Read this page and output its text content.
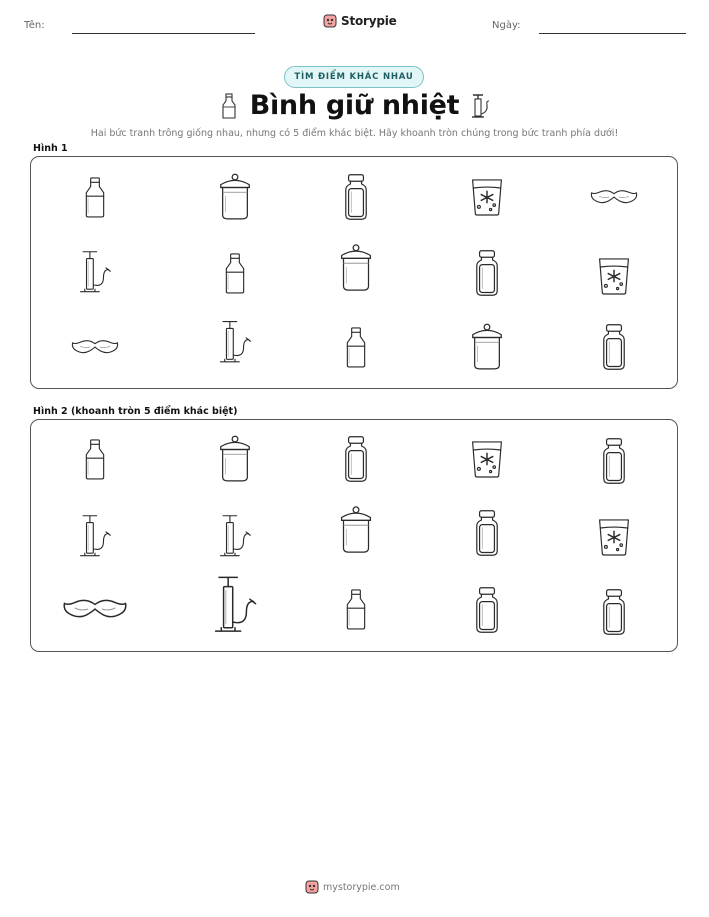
Tên:	Storypie	Ngày:
TÌM ĐIỂM KHÁC NHAU
Bình giữ nhiệt
Hai bức tranh trông giống nhau, nhưng có 5 điểm khác biệt. Hãy khoanh tròn chúng trong bức tranh phía dưới!
Hình 1
Hình 2 (khoanh tròn 5 điểm khác biệt)
mystorypie.com
